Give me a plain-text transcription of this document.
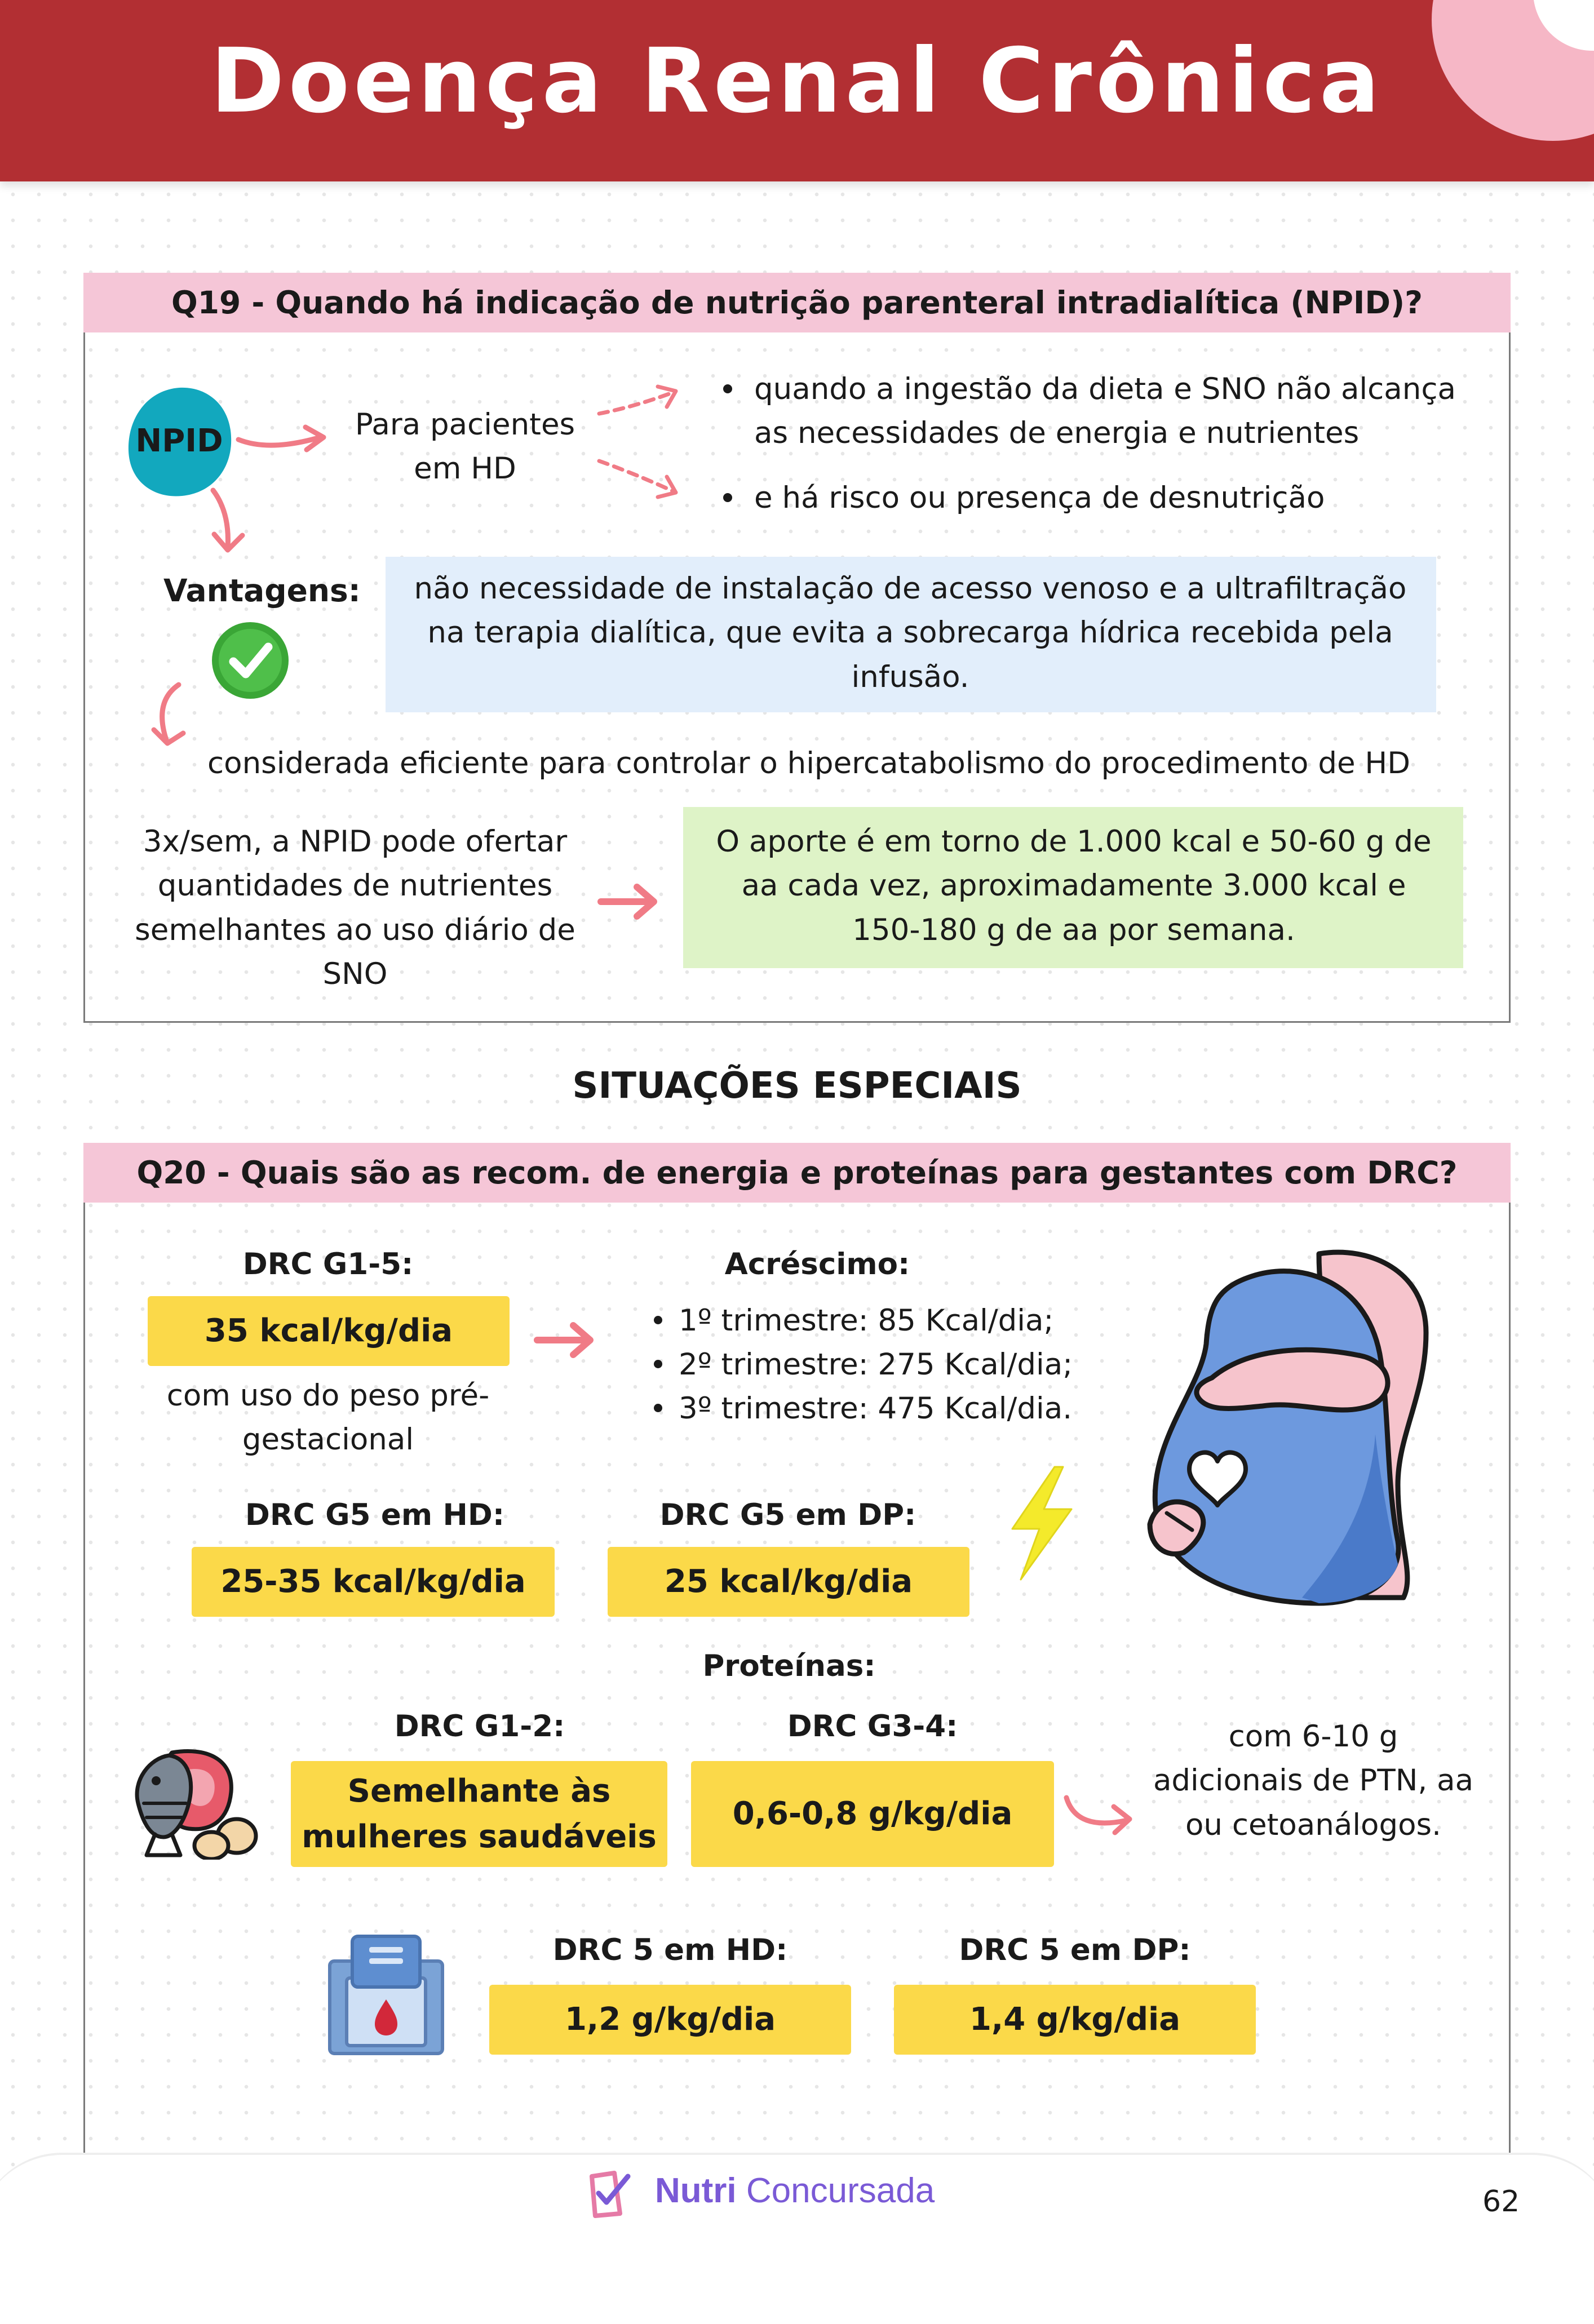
Doença Renal Crônica
Q19 - Quando há indicação de nutrição parenteral intradialítica (NPID)?
NPID	Para pacientes em HD
quando a ingestão da dieta e SNO não alcança as necessidades de energia e nutrientes
e há risco ou presença de desnutrição
Vantagens:	não necessidade de instalação de acesso venoso e a ultrafiltração na terapia dialítica, que evita a sobrecarga hídrica recebida pela infusão.
considerada eficiente para controlar o hipercatabolismo do procedimento de HD
3x/sem, a NPID pode ofertar quantidades de nutrientes semelhantes ao uso diário de SNO
O aporte é em torno de 1.000 kcal e 50-60 g de aa cada vez, aproximadamente 3.000 kcal e 150-180 g de aa por semana.
SITUAÇÕES ESPECIAIS
Q20 - Quais são as recom. de energia e proteínas para gestantes com DRC?
DRC G1-5:
35 kcal/kg/dia
com uso do peso pré-gestacional
Acréscimo:
1º trimestre: 85 Kcal/dia;
2º trimestre: 275 Kcal/dia;
3º trimestre: 475 Kcal/dia.
DRC G5 em HD:
25-35 kcal/kg/dia
DRC G5 em DP:
25 kcal/kg/dia
Proteínas:
DRC G1-2:
Semelhante às mulheres saudáveis
DRC G3-4:
0,6-0,8 g/kg/dia
com 6-10 g adicionais de PTN, aa ou cetoanálogos.
DRC 5 em HD:
1,2 g/kg/dia
DRC 5 em DP:
1,4 g/kg/dia
Nutri Concursada	62
